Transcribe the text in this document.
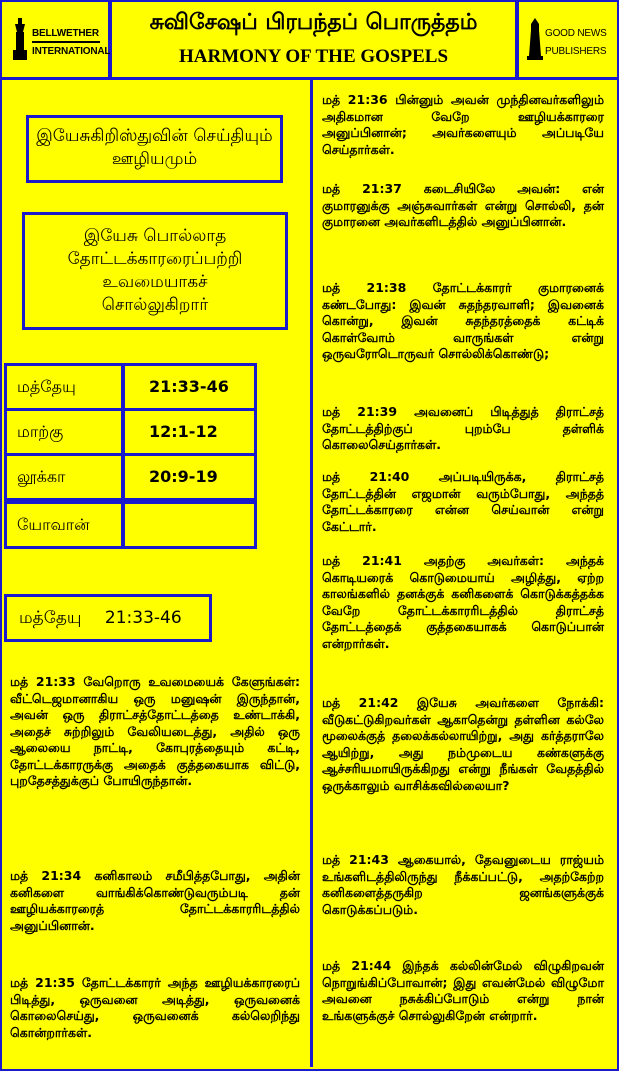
BELLWETHER
INTERNATIONAL
சுவிசேஷப் பிரபந்தப் பொருத்தம்
HARMONY OF THE GOSPELS
GOOD NEWS
PUBLISHERS
இயேசுகிறிஸ்துவின் செய்தியும் ஊழியமும்
இயேசு பொல்லாத தோட்டக்காரரைப்பற்றி உவமையாகச் சொல்லுகிறார்
மத்தேயு	21:33-46
மாற்கு	12:1-12
லூக்கா	20:9-19
யோவான்
மத்தேயு 21:33-46
மத் 21:33 வேறொரு உவமையைக் கேளுங்கள்: வீட்டெஜமானாகிய ஒரு மனுஷன் இருந்தான், அவன் ஒரு திராட்சத்தோட்டத்தை உண்டாக்கி, அதைச் சுற்றிலும் வேலியடைத்து, அதில் ஒரு ஆலையை நாட்டி, கோபுரத்தையும் கட்டி, தோட்டக்காரருக்கு அதைக் குத்தகையாக விட்டு, புறதேசத்துக்குப் போயிருந்தான்.
மத் 21:34 கனிகாலம் சமீபித்தபோது, அதின் கனிகளை வாங்கிக்கொண்டுவரும்படி தன் ஊழியக்காரரைத் தோட்டக்காரரிடத்தில் அனுப்பினான்.
மத் 21:35 தோட்டக்காரர் அந்த ஊழியக்காரரைப் பிடித்து, ஒருவனை அடித்து, ஒருவனைக் கொலைசெய்து, ஒருவனைக் கல்லெறிந்து கொன்றார்கள்.
மத் 21:36 பின்னும் அவன் முந்தினவர்களிலும் அதிகமான வேறே ஊழியக்காரரை அனுப்பினான்; அவர்களையும் அப்படியே செய்தார்கள்.
மத் 21:37 கடைசியிலே அவன்: என் குமாரனுக்கு அஞ்சுவார்கள் என்று சொல்லி, தன் குமாரனை அவர்களிடத்தில் அனுப்பினான்.
மத் 21:38 தோட்டக்காரர் குமாரனைக் கண்டபோது: இவன் சுதந்தரவாளி; இவனைக் கொன்று, இவன் சுதந்தரத்தைக் கட்டிக் கொள்வோம் வாருங்கள் என்று ஒருவரோடொருவர் சொல்லிக்கொண்டு;
மத் 21:39 அவனைப் பிடித்துத் திராட்சத் தோட்டத்திற்குப் புறம்பே தள்ளிக் கொலைசெய்தார்கள்.
மத் 21:40 அப்படியிருக்க, திராட்சத் தோட்டத்தின் எஜமான் வரும்போது, அந்தத் தோட்டக்காரரை என்ன செய்வான் என்று கேட்டார்.
மத் 21:41 அதற்கு அவர்கள்: அந்தக் கொடியரைக் கொடுமையாய் அழித்து, ஏற்ற காலங்களில் தனக்குக் கனிகளைக் கொடுக்கத்தக்க வேறே தோட்டக்காரரிடத்தில் திராட்சத் தோட்டத்தைக் குத்தகையாகக் கொடுப்பான் என்றார்கள்.
மத் 21:42 இயேசு அவர்களை நோக்கி: வீடுகட்டுகிறவர்கள் ஆகாதென்று தள்ளின கல்லே மூலைக்குத் தலைக்கல்லாயிற்று, அது கர்த்தராலே ஆயிற்று, அது நம்முடைய கண்களுக்கு ஆச்சரியமாயிருக்கிறது என்று நீங்கள் வேதத்தில் ஒருக்காலும் வாசிக்கவில்லையா?
மத் 21:43 ஆகையால், தேவனுடைய ராஜ்யம் உங்களிடத்திலிருந்து நீக்கப்பட்டு, அதற்கேற்ற கனிகளைத்தருகிற ஜனங்களுக்குக் கொடுக்கப்படும்.
மத் 21:44 இந்தக் கல்லின்மேல் விழுகிறவன் நொறுங்கிப்போவான்; இது எவன்மேல் விழுமோ அவனை நசுக்கிப்போடும் என்று நான் உங்களுக்குச் சொல்லுகிறேன் என்றார்.
